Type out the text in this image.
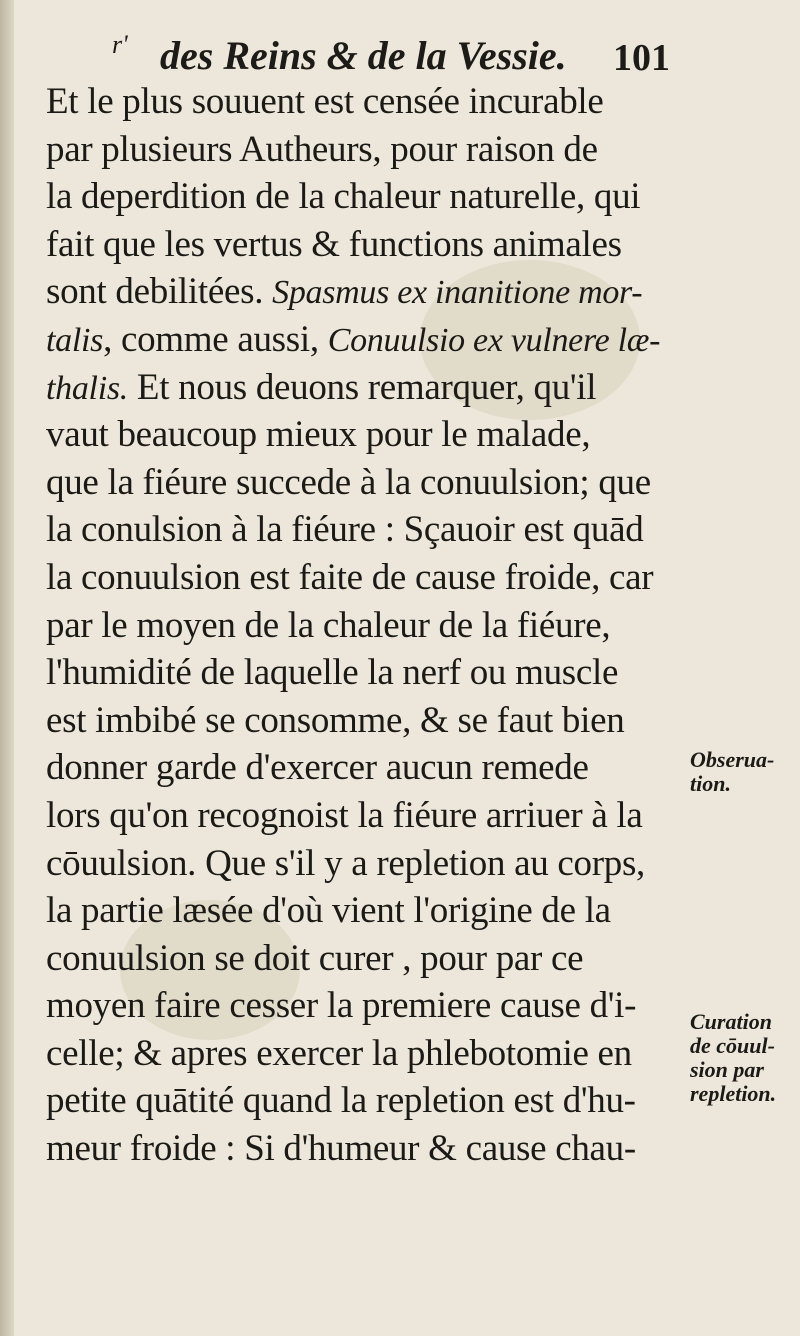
r' des Reins & de la Vessie. 101
Et le plus souuent est censée incurable
par plusieurs Autheurs, pour raison de
la deperdition de la chaleur naturelle, qui
fait que les vertus & functions animales
sont debilitées. Spasmus ex inanitione mor-
talis, comme aussi, Conuulsio ex vulnere læ-
thalis. Et nous deuons remarquer, qu'il
vaut beaucoup mieux pour le malade,
que la fiéure succede à la conuulsion; que
la conulsion à la fiéure : Sçauoir est quād
la conuulsion est faite de cause froide, car
par le moyen de la chaleur de la fiéure,
l'humidité de laquelle la nerf ou muscle
est imbibé se consomme, & se faut bien
donner garde d'exercer aucun remede
lors qu'on recognoist la fiéure arriuer à la
cōuulsion. Que s'il y a repletion au corps,
la partie læsée d'où vient l'origine de la
conuulsion se doit curer , pour par ce
moyen faire cesser la premiere cause d'i-
celle; & apres exercer la phlebotomie en
petite quātité quand la repletion est d'hu-
meur froide : Si d'humeur & cause chau-
Obserua-
tion.
Curation
de cōuul-
sion par
repletion.
